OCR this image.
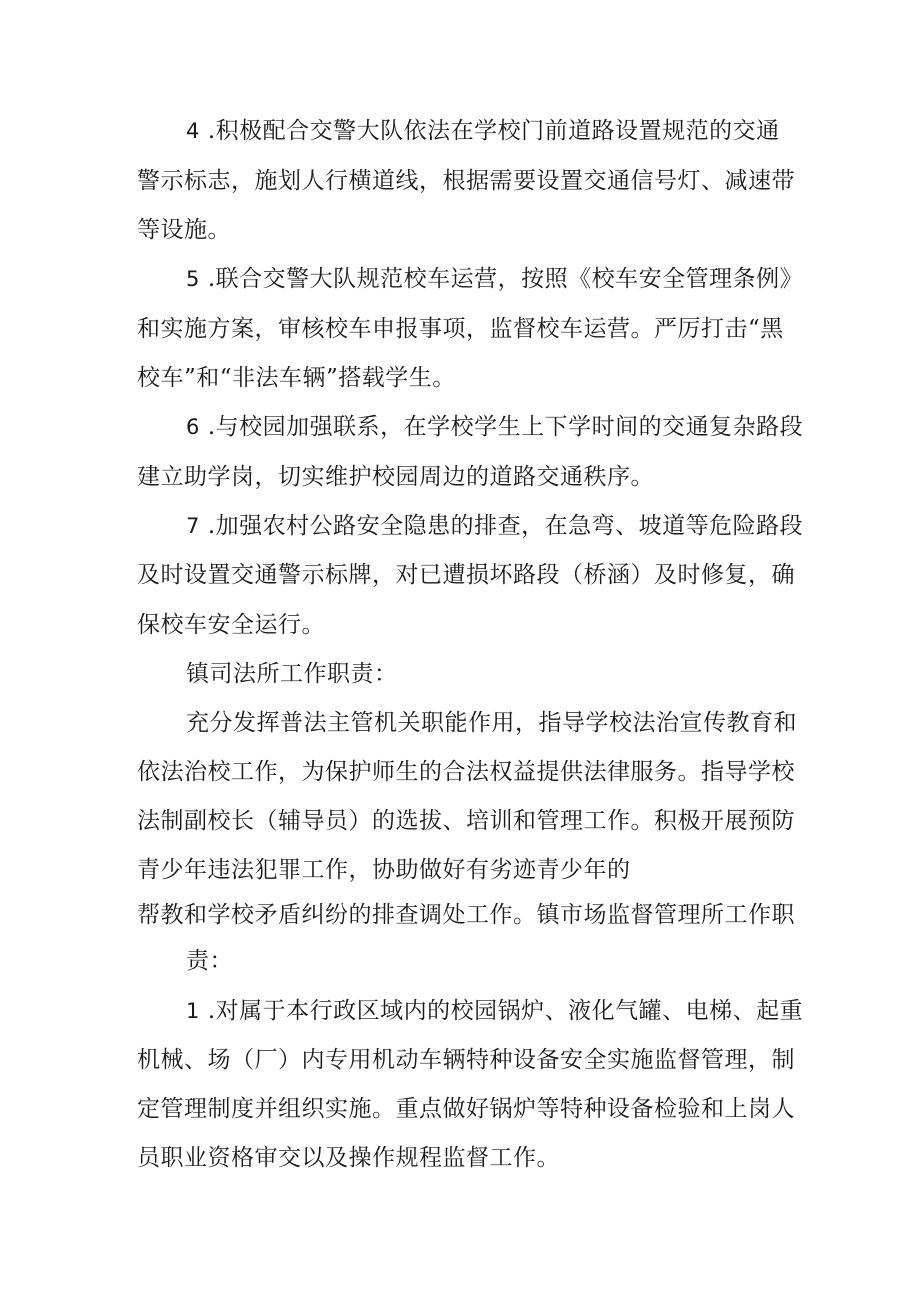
4 .积极配合交警大队依法在学校门前道路设置规范的交通
警示标志，施划人行横道线，根据需要设置交通信号灯、减速带
等设施。
5 .联合交警大队规范校车运营，按照《校车安全管理条例》
和实施方案，审核校车申报事项，监督校车运营。严厉打击“黑
校车”和“非法车辆”搭载学生。
6 .与校园加强联系，在学校学生上下学时间的交通复杂路段
建立助学岗，切实维护校园周边的道路交通秩序。
7 .加强农村公路安全隐患的排查，在急弯、坡道等危险路段
及时设置交通警示标牌，对已遭损坏路段（桥涵）及时修复，确
保校车安全运行。
镇司法所工作职责：
充分发挥普法主管机关职能作用，指导学校法治宣传教育和
依法治校工作，为保护师生的合法权益提供法律服务。指导学校
法制副校长（辅导员）的选拔、培训和管理工作。积极开展预防
青少年违法犯罪工作，协助做好有劣迹青少年的
帮教和学校矛盾纠纷的排查调处工作。镇市场监督管理所工作职
责：
1 .对属于本行政区域内的校园锅炉、液化气罐、电梯、起重
机械、场（厂）内专用机动车辆特种设备安全实施监督管理，制
定管理制度并组织实施。重点做好锅炉等特种设备检验和上岗人
员职业资格审交以及操作规程监督工作。
